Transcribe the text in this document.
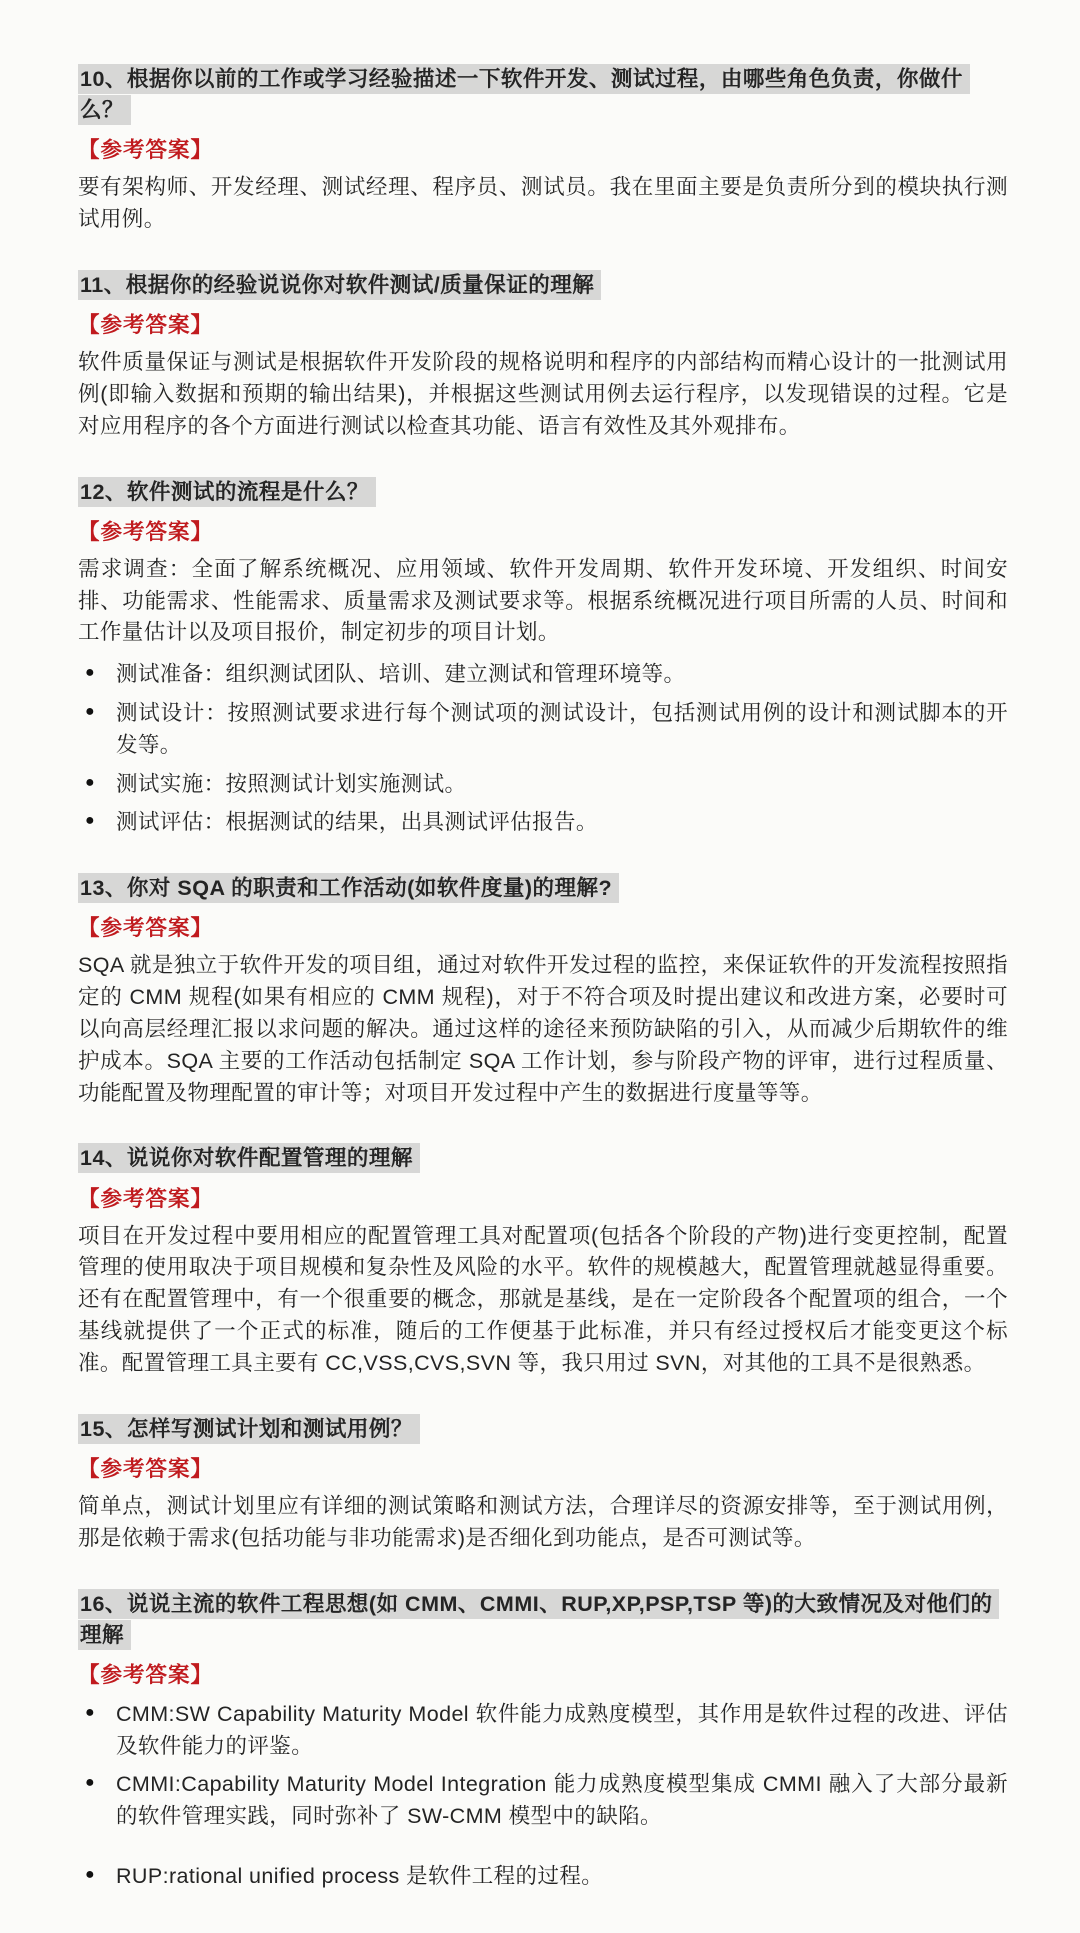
10、根据你以前的工作或学习经验描述一下软件开发、测试过程，由哪些角色负责，你做什么？
【参考答案】

要有架构师、开发经理、测试经理、程序员、测试员。我在里面主要是负责所分到的模块执行测试用例。

11、根据你的经验说说你对软件测试/质量保证的理解
【参考答案】

软件质量保证与测试是根据软件开发阶段的规格说明和程序的内部结构而精心设计的一批测试用例(即输入数据和预期的输出结果)，并根据这些测试用例去运行程序，以发现错误的过程。它是对应用程序的各个方面进行测试以检查其功能、语言有效性及其外观排布。

12、软件测试的流程是什么？
【参考答案】

需求调查：全面了解系统概况、应用领域、软件开发周期、软件开发环境、开发组织、时间安排、功能需求、性能需求、质量需求及测试要求等。根据系统概况进行项目所需的人员、时间和工作量估计以及项目报价，制定初步的项目计划。

● 测试准备：组织测试团队、培训、建立测试和管理环境等。
● 测试设计：按照测试要求进行每个测试项的测试设计，包括测试用例的设计和测试脚本的开发等。
● 测试实施：按照测试计划实施测试。
● 测试评估：根据测试的结果，出具测试评估报告。
13、你对 SQA 的职责和工作活动(如软件度量)的理解?
【参考答案】

SQA 就是独立于软件开发的项目组，通过对软件开发过程的监控，来保证软件的开发流程按照指定的 CMM 规程(如果有相应的 CMM 规程)，对于不符合项及时提出建议和改进方案，必要时可以向高层经理汇报以求问题的解决。通过这样的途径来预防缺陷的引入，从而减少后期软件的维护成本。SQA 主要的工作活动包括制定 SQA 工作计划，参与阶段产物的评审，进行过程质量、功能配置及物理配置的审计等；对项目开发过程中产生的数据进行度量等等。

14、说说你对软件配置管理的理解
【参考答案】

项目在开发过程中要用相应的配置管理工具对配置项(包括各个阶段的产物)进行变更控制，配置管理的使用取决于项目规模和复杂性及风险的水平。软件的规模越大，配置管理就越显得重要。还有在配置管理中，有一个很重要的概念，那就是基线，是在一定阶段各个配置项的组合，一个基线就提供了一个正式的标准，随后的工作便基于此标准，并只有经过授权后才能变更这个标准。配置管理工具主要有 CC,VSS,CVS,SVN 等，我只用过 SVN，对其他的工具不是很熟悉。

15、怎样写测试计划和测试用例？
【参考答案】

简单点，测试计划里应有详细的测试策略和测试方法，合理详尽的资源安排等，至于测试用例，那是依赖于需求(包括功能与非功能需求)是否细化到功能点，是否可测试等。

16、说说主流的软件工程思想(如 CMM、CMMI、RUP,XP,PSP,TSP 等)的大致情况及对他们的理解
【参考答案】
● CMM:SW Capability Maturity Model 软件能力成熟度模型，其作用是软件过程的改进、评估及软件能力的评鉴。
● CMMI:Capability Maturity Model Integration 能力成熟度模型集成 CMMI 融入了大部分最新的软件管理实践，同时弥补了 SW-CMM 模型中的缺陷。
● RUP:rational unified process 是软件工程的过程。
